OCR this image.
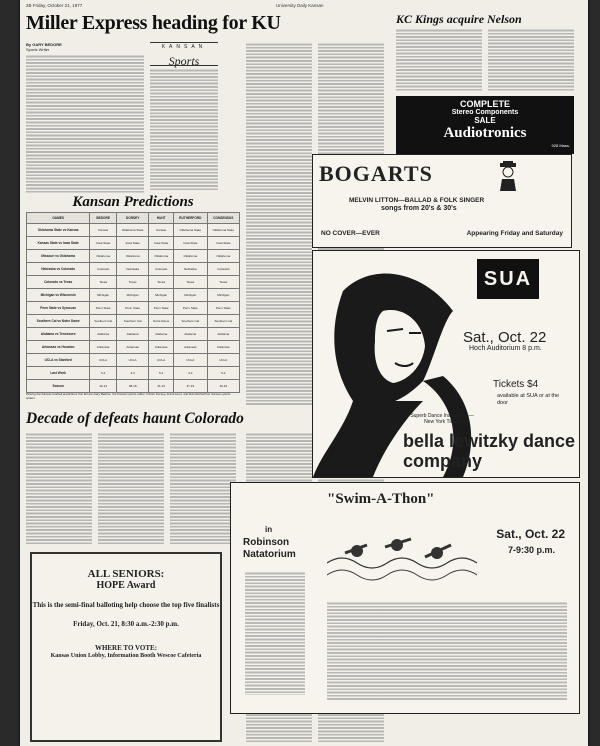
2B Friday, October 21, 1977	University Daily Kansan
Miller Express heading for KU
By GARY BEDORE
Sports Writer	KANSAN
Sports
Kansan Predictions
GAMES	BEDORE	DORSEY	HUNT	RUTHERFORD	CONSENSUS
Oklahoma State vs Kansas	Kansas	Oklahoma State	Kansas	Oklahoma State	Oklahoma State
Kansas State vs Iowa State	Iowa State	Iowa State	Iowa State	Iowa State	Iowa State
Missouri vs Oklahoma	Oklahoma	Oklahoma	Oklahoma	Oklahoma	Oklahoma
Nebraska vs Colorado	Colorado	Nebraska	Colorado	Nebraska	Colorado
Colorado vs Texas	Texas	Texas	Texas	Texas	Texas
Michigan vs Wisconsin	Michigan	Michigan	Michigan	Michigan	Michigan
Penn State vs Syracuse	Penn State	Penn State	Penn State	Penn State	Penn State
Southern Cal vs Notre Dame	Southern Cal	Southern Cal	Notre Dame	Southern Cal	Southern Cal
Alabama vs Tennessee	Alabama	Alabama	Alabama	Alabama	Alabama
Arkansas vs Houston	Arkansas	Arkansas	Arkansas	Arkansas	Arkansas
UCLA vs Stanford	UCLA	UCLA	UCLA	UCLA	UCLA
Last Week	5-2	4-3	5-2	4-3	5-2
Season	42-14	38-18	41-15	37-19	40-16
Picking the Kansas football predictions this fall are Gary Bedore, the Kansan sports editor; Chuck Dorsey, Frank Hunt, and Dan Rutherford, Kansan sports writers.
Decade of defeats haunt Colorado
ALL SENIORS:
HOPE Award
This is the semi-final balloting help choose the top five finalists
Friday, Oct. 21, 8:30 a.m.-2:30 p.m.
WHERE TO VOTE:
Kansas Union Lobby, Information Booth Wescoe Cafeteria
KC Kings acquire Nelson
COMPLETE
Stereo Components
SALE
Audiotronics
928 Mass.
BOGARTS
MELVIN LITTON—BALLAD & FOLK SINGER
songs from 20's & 30's
NO COVER—EVER	Appearing Friday and Saturday
SUA
Sat., Oct. 22
Hoch Auditorium 8 p.m.
Tickets $4
available at SUA or at the door
Superb Dance Instrument —New York Times
bella lewitzky dance company
"Swim-A-Thon"
in
Robinson Natatorium
Sat., Oct. 22
7-9:30 p.m.
